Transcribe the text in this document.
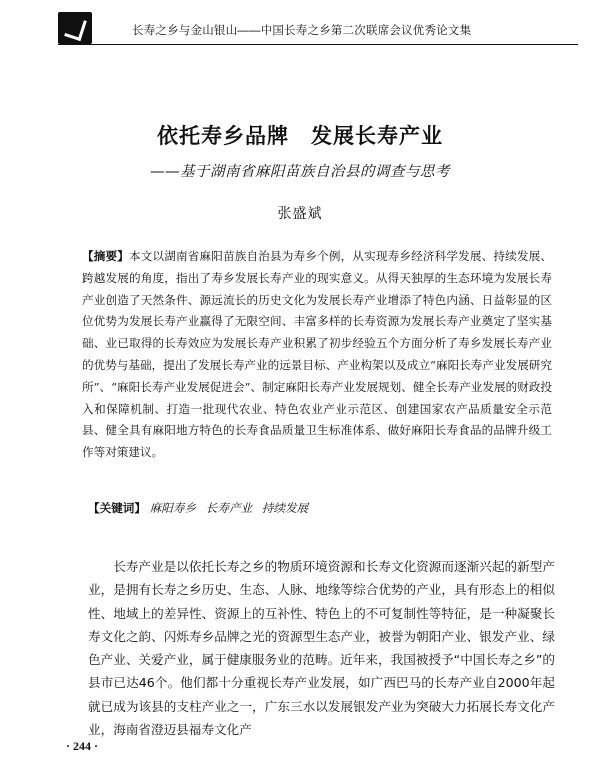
长寿之乡与金山银山——中国长寿之乡第二次联席会议优秀论文集
依托寿乡品牌　发展长寿产业
——基于湖南省麻阳苗族自治县的调查与思考
张盛斌
【摘要】本文以湖南省麻阳苗族自治县为寿乡个例，从实现寿乡经济科学发展、持续发展、跨越发展的角度，指出了寿乡发展长寿产业的现实意义。从得天独厚的生态环境为发展长寿产业创造了天然条件、源远流长的历史文化为发展长寿产业增添了特色内涵、日益彰显的区位优势为发展长寿产业赢得了无限空间、丰富多样的长寿资源为发展长寿产业奠定了坚实基础、业已取得的长寿效应为发展长寿产业积累了初步经验五个方面分析了寿乡发展长寿产业的优势与基础，提出了发展长寿产业的远景目标、产业构架以及成立“麻阳长寿产业发展研究所”、“麻阳长寿产业发展促进会”、制定麻阳长寿产业发展规划、健全长寿产业发展的财政投入和保障机制、打造一批现代农业、特色农业产业示范区、创建国家农产品质量安全示范县、健全具有麻阳地方特色的长寿食品质量卫生标准体系、做好麻阳长寿食品的品牌升级工作等对策建议。
【关键词】 麻阳寿乡 长寿产业 持续发展
长寿产业是以依托长寿之乡的物质环境资源和长寿文化资源而逐渐兴起的新型产业，是拥有长寿之乡历史、生态、人脉、地缘等综合优势的产业，具有形态上的相似性、地域上的差异性、资源上的互补性、特色上的不可复制性等特征，是一种凝聚长寿文化之韵、闪烁寿乡品牌之光的资源型生态产业，被誉为朝阳产业、银发产业、绿色产业、关爱产业，属于健康服务业的范畴。近年来，我国被授予“中国长寿之乡”的县市已达46个。他们都十分重视长寿产业发展，如广西巴马的长寿产业自2000年起就已成为该县的支柱产业之一，广东三水以发展银发产业为突破大力拓展长寿文化产业，海南省澄迈县福寿文化产
· 244 ·
